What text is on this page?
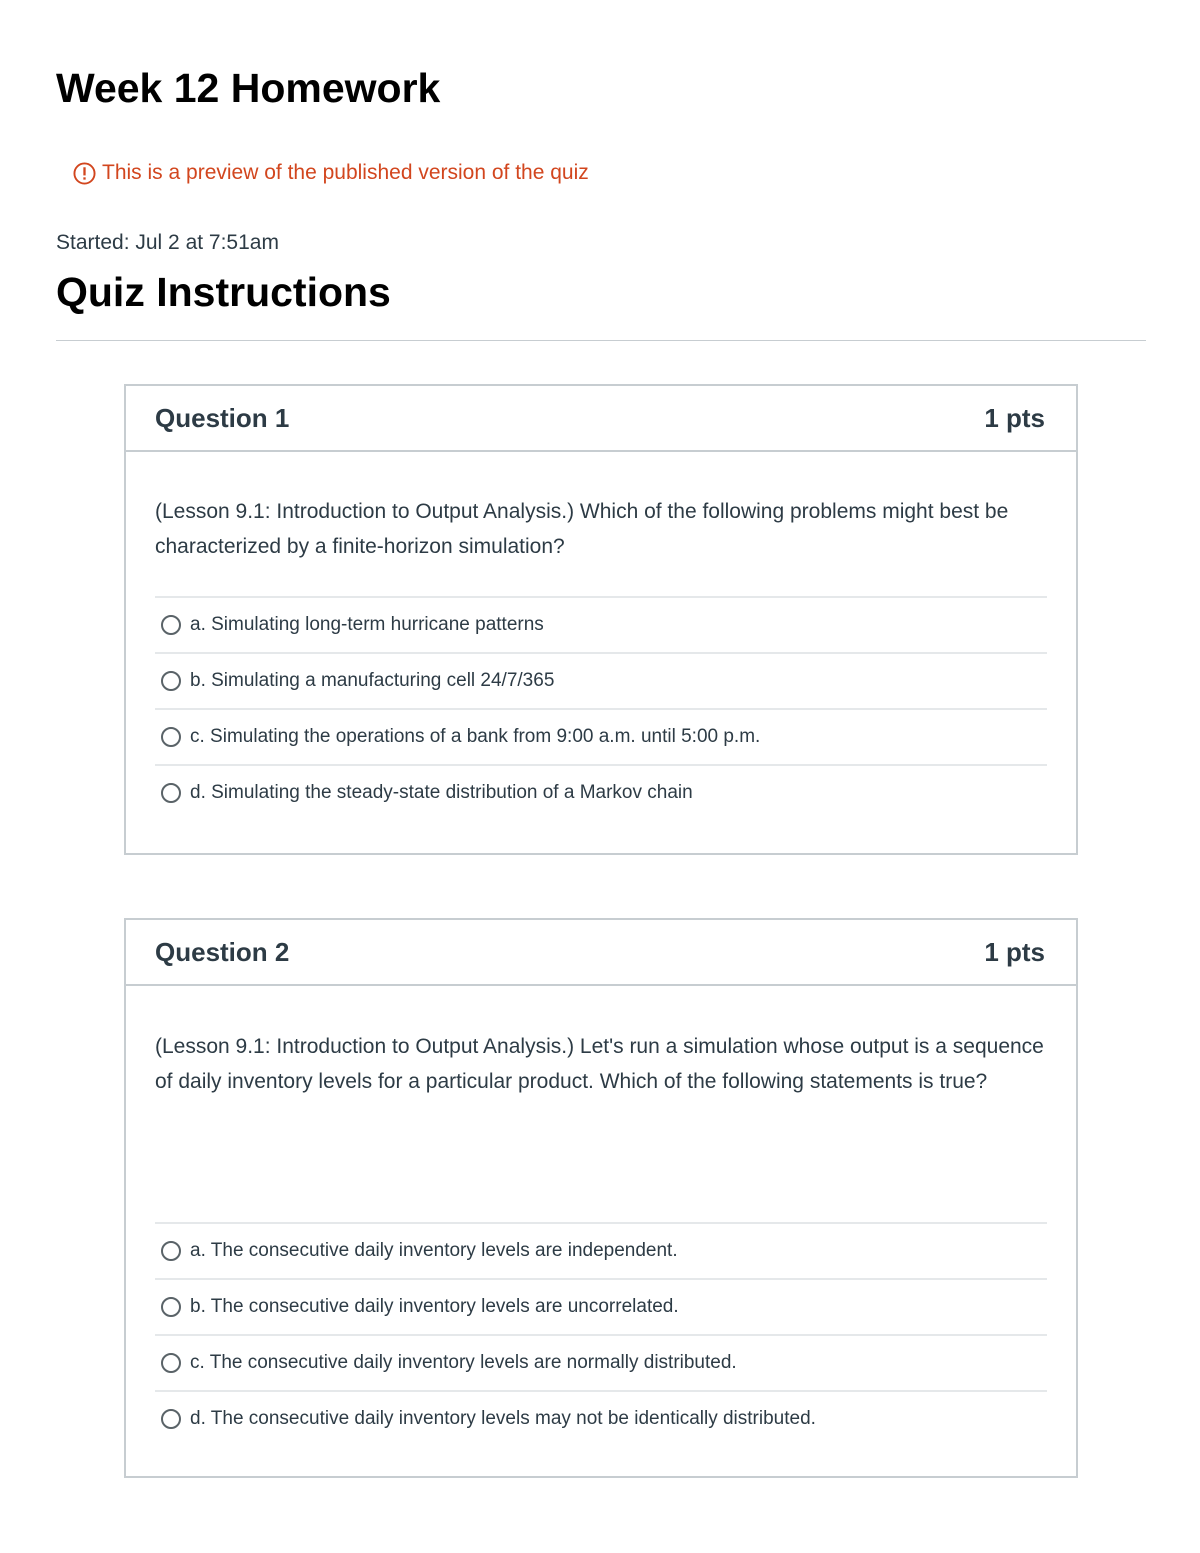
Week 12 Homework
This is a preview of the published version of the quiz
Started: Jul 2 at 7:51am
Quiz Instructions
Question 1	1 pts

(Lesson 9.1: Introduction to Output Analysis.) Which of the following problems might best be characterized by a finite-horizon simulation?

a. Simulating long-term hurricane patterns
b. Simulating a manufacturing cell 24/7/365
c. Simulating the operations of a bank from 9:00 a.m. until 5:00 p.m.
d. Simulating the steady-state distribution of a Markov chain
Question 2	1 pts

(Lesson 9.1: Introduction to Output Analysis.) Let's run a simulation whose output is a sequence of daily inventory levels for a particular product. Which of the following statements is true?

a. The consecutive daily inventory levels are independent.
b. The consecutive daily inventory levels are uncorrelated.
c. The consecutive daily inventory levels are normally distributed.
d. The consecutive daily inventory levels may not be identically distributed.
